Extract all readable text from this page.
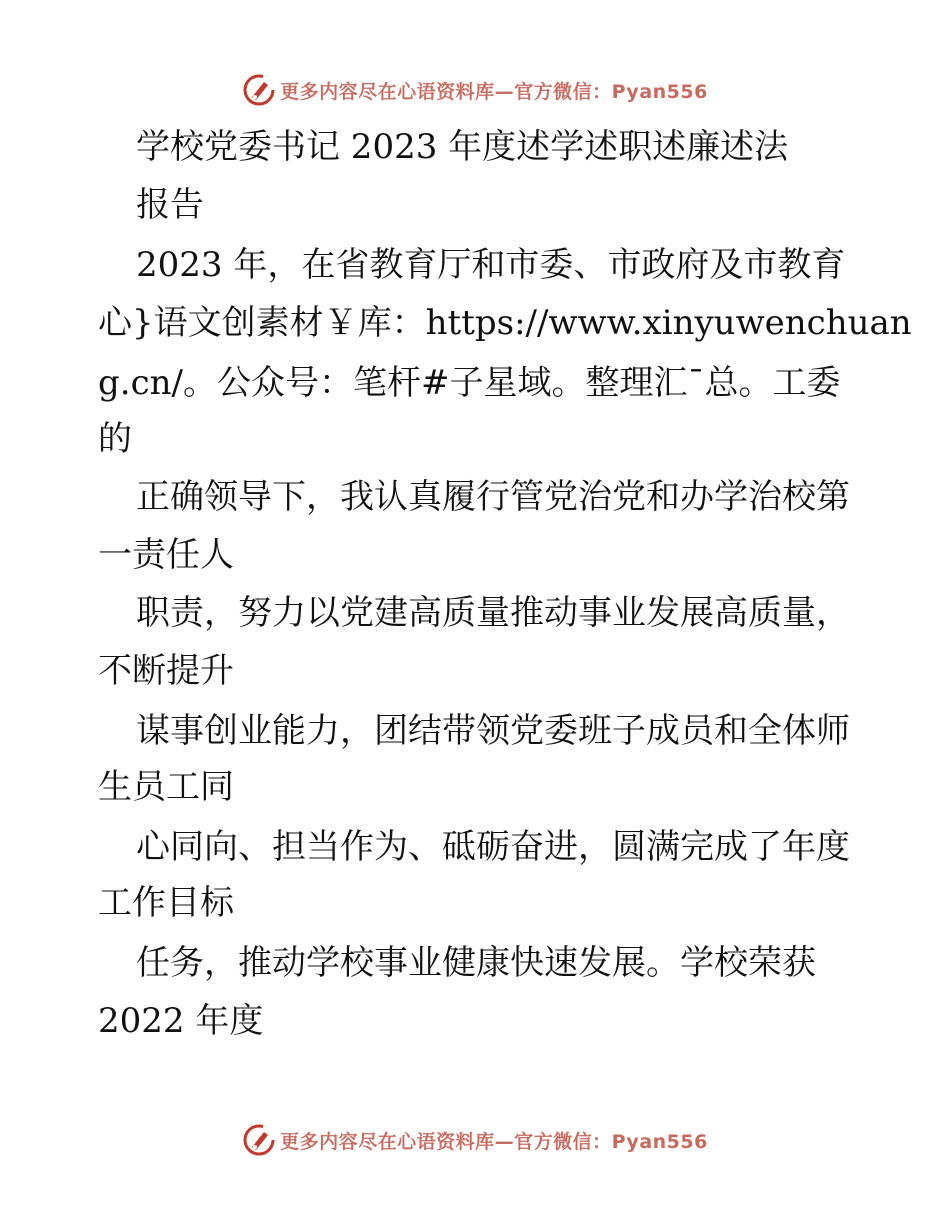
更多内容尽在心语资料库—官方微信：Pyan556
学校党委书记 2023 年度述学述职述廉述法
报告
2023 年，在省教育厅和市委、市政府及市教育
心}语文创素材￥库：https://www.xinyuwenchuan
g.cn/。公众号：笔杆#子星域。整理汇¯总。工委
的
正确领导下，我认真履行管党治党和办学治校第
一责任人
职责，努力以党建高质量推动事业发展高质量，
不断提升
谋事创业能力，团结带领党委班子成员和全体师
生员工同
心同向、担当作为、砥砺奋进，圆满完成了年度
工作目标
任务，推动学校事业健康快速发展。学校荣获
2022 年度
更多内容尽在心语资料库—官方微信：Pyan556
